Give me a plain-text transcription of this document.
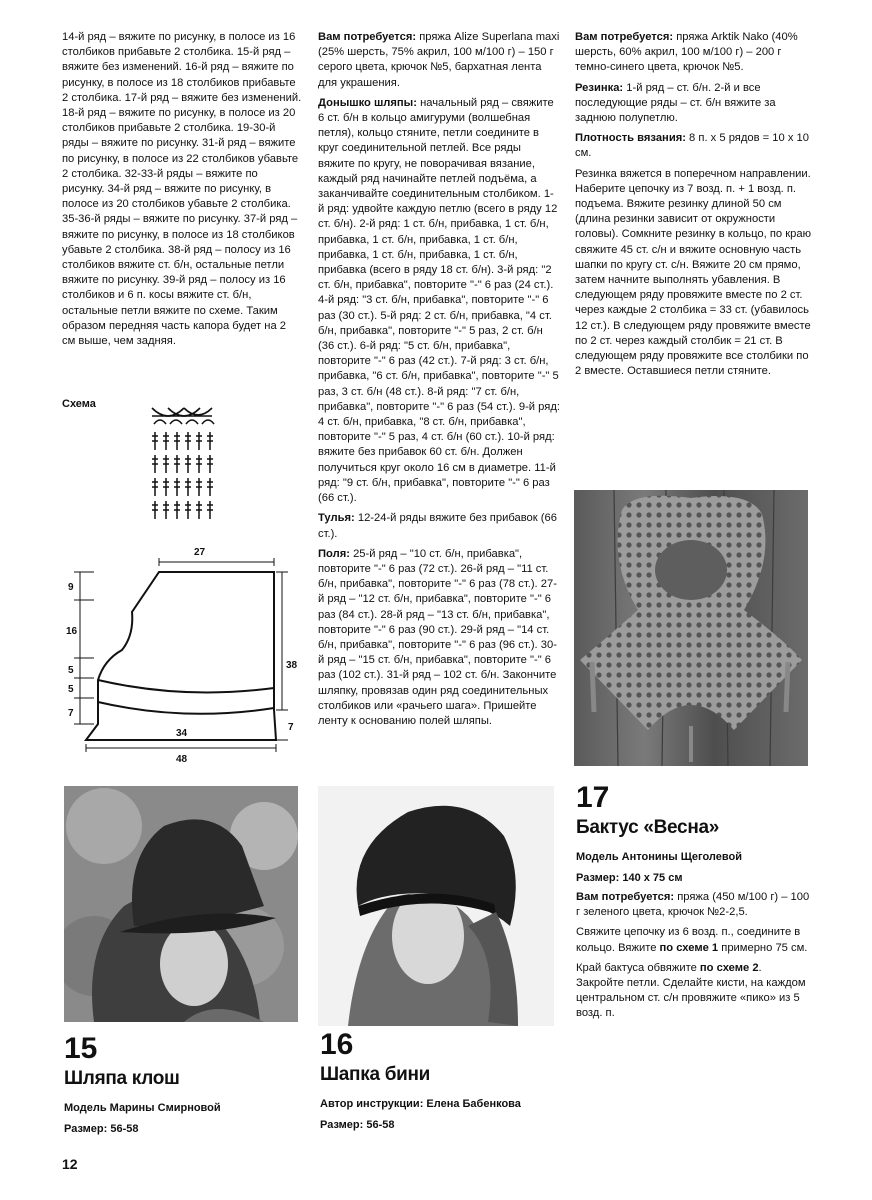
14-й ряд – вяжите по рисунку, в полосе из 16 столбиков прибавьте 2 столбика. 15-й ряд – вяжите без изменений. 16-й ряд – вяжите по рисунку, в полосе из 18 столбиков прибавьте 2 столбика. 17-й ряд – вяжите без изменений. 18-й ряд – вяжите по рисунку, в полосе из 20 столбиков прибавьте 2 столбика. 19-30-й ряды – вяжите по рисунку. 31-й ряд – вяжите по рисунку, в полосе из 22 столбиков убавьте 2 столбика. 32-33-й ряды – вяжите по рисунку. 34-й ряд – вяжите по рисунку, в полосе из 20 столбиков убавьте 2 столбика. 35-36-й ряды – вяжите по рисунку. 37-й ряд – вяжите по рисунку, в полосе из 18 столбиков убавьте 2 столбика. 38-й ряд – полосу из 16 столбиков вяжите ст. б/н, остальные петли вяжите по рисунку. 39-й ряд – полосу из 16 столбиков и 6 п. косы вяжите ст. б/н, остальные петли вяжите по схеме. Таким образом передняя часть капора будет на 2 см выше, чем задняя.

Схема
27
9
16
5
5
7
38
7
34
48

Вам потребуется: пряжа Alize Superlana maxi (25% шерсть, 75% акрил, 100 м/100 г) – 150 г серого цвета, крючок №5, бархатная лента для украшения.

Донышко шляпы: начальный ряд – свяжите 6 ст. б/н в кольцо амигуруми (волшебная петля), кольцо стяните, петли соедините в круг соединительной петлей. Все ряды вяжите по кругу, не поворачивая вязание, каждый ряд начинайте петлей подъёма, а заканчивайте соединительным столбиком. 1-й ряд: удвойте каждую петлю (всего в ряду 12 ст. б/н). 2-й ряд: 1 ст. б/н, прибавка, 1 ст. б/н, прибавка, 1 ст. б/н, прибавка, 1 ст. б/н, прибавка, 1 ст. б/н, прибавка, 1 ст. б/н, прибавка (всего в ряду 18 ст. б/н). 3-й ряд: "2 ст. б/н, прибавка", повторите "-" 6 раз (24 ст.). 4-й ряд: "3 ст. б/н, прибавка", повторите "-" 6 раз (30 ст.). 5-й ряд: 2 ст. б/н, прибавка, "4 ст. б/н, прибавка", повторите "-" 5 раз, 2 ст. б/н (36 ст.). 6-й ряд: "5 ст. б/н, прибавка", повторите "-" 6 раз (42 ст.). 7-й ряд: 3 ст. б/н, прибавка, "6 ст. б/н, прибавка", повторите "-" 5 раз, 3 ст. б/н (48 ст.). 8-й ряд: "7 ст. б/н, прибавка", повторите "-" 6 раз (54 ст.). 9-й ряд: 4 ст. б/н, прибавка, "8 ст. б/н, прибавка", повторите "-" 5 раз, 4 ст. б/н (60 ст.). 10-й ряд: вяжите без прибавок 60 ст. б/н. Должен получиться круг около 16 см в диаметре. 11-й ряд: "9 ст. б/н, прибавка", повторите "-" 6 раз (66 ст.).

Тулья: 12-24-й ряды вяжите без прибавок (66 ст.).

Поля: 25-й ряд – "10 ст. б/н, прибавка", повторите "-" 6 раз (72 ст.). 26-й ряд – "11 ст. б/н, прибавка", повторите "-" 6 раз (78 ст.). 27-й ряд – "12 ст. б/н, прибавка", повторите "-" 6 раз (84 ст.). 28-й ряд – "13 ст. б/н, прибавка", повторите "-" 6 раз (90 ст.). 29-й ряд – "14 ст. б/н, прибавка", повторите "-" 6 раз (96 ст.). 30-й ряд – "15 ст. б/н, прибавка", повторите "-" 6 раз (102 ст.). 31-й ряд – 102 ст. б/н. Закончите шляпку, провязав один ряд соединительных столбиков или «рачьего шага». Пришейте ленту к основанию полей шляпы.

Вам потребуется: пряжа Arktik Nako (40% шерсть, 60% акрил, 100 м/100 г) – 200 г темно-синего цвета, крючок №5.

Резинка: 1-й ряд – ст. б/н. 2-й и все последующие ряды – ст. б/н вяжите за заднюю полупетлю.

Плотность вязания: 8 п. х 5 рядов = 10 х 10 см.

Резинка вяжется в поперечном направлении. Наберите цепочку из 7 возд. п. + 1 возд. п. подъема. Вяжите резинку длиной 50 см (длина резинки зависит от окружности головы). Сомкните резинку в кольцо, по краю свяжите 45 ст. с/н и вяжите основную часть шапки по кругу ст. с/н. Вяжите 20 см прямо, затем начните выполнять убавления. В следующем ряду провяжите вместе по 2 ст. через каждые 2 столбика = 33 ст. (убавилось 12 ст.). В следующем ряду провяжите вместе по 2 ст. через каждый столбик = 21 ст. В следующем ряду провяжите все столбики по 2 вместе. Оставшиеся петли стяните.

17
Бактус «Весна»

Модель Антонины Щеголевой

Размер: 140 х 75 см

Вам потребуется: пряжа (450 м/100 г) – 100 г зеленого цвета, крючок №2-2,5.

Свяжите цепочку из 6 возд. п., соедините в кольцо. Вяжите по схеме 1 примерно 75 см.

Край бактуса обвяжите по схеме 2. Закройте петли. Сделайте кисти, на каждом центральном ст. с/н провяжите «пико» из 5 возд. п.

15
Шляпа клош

Модель Марины Смирновой

Размер: 56-58

16
Шапка бини

Автор инструкции: Елена Бабенкова

Размер: 56-58

12
